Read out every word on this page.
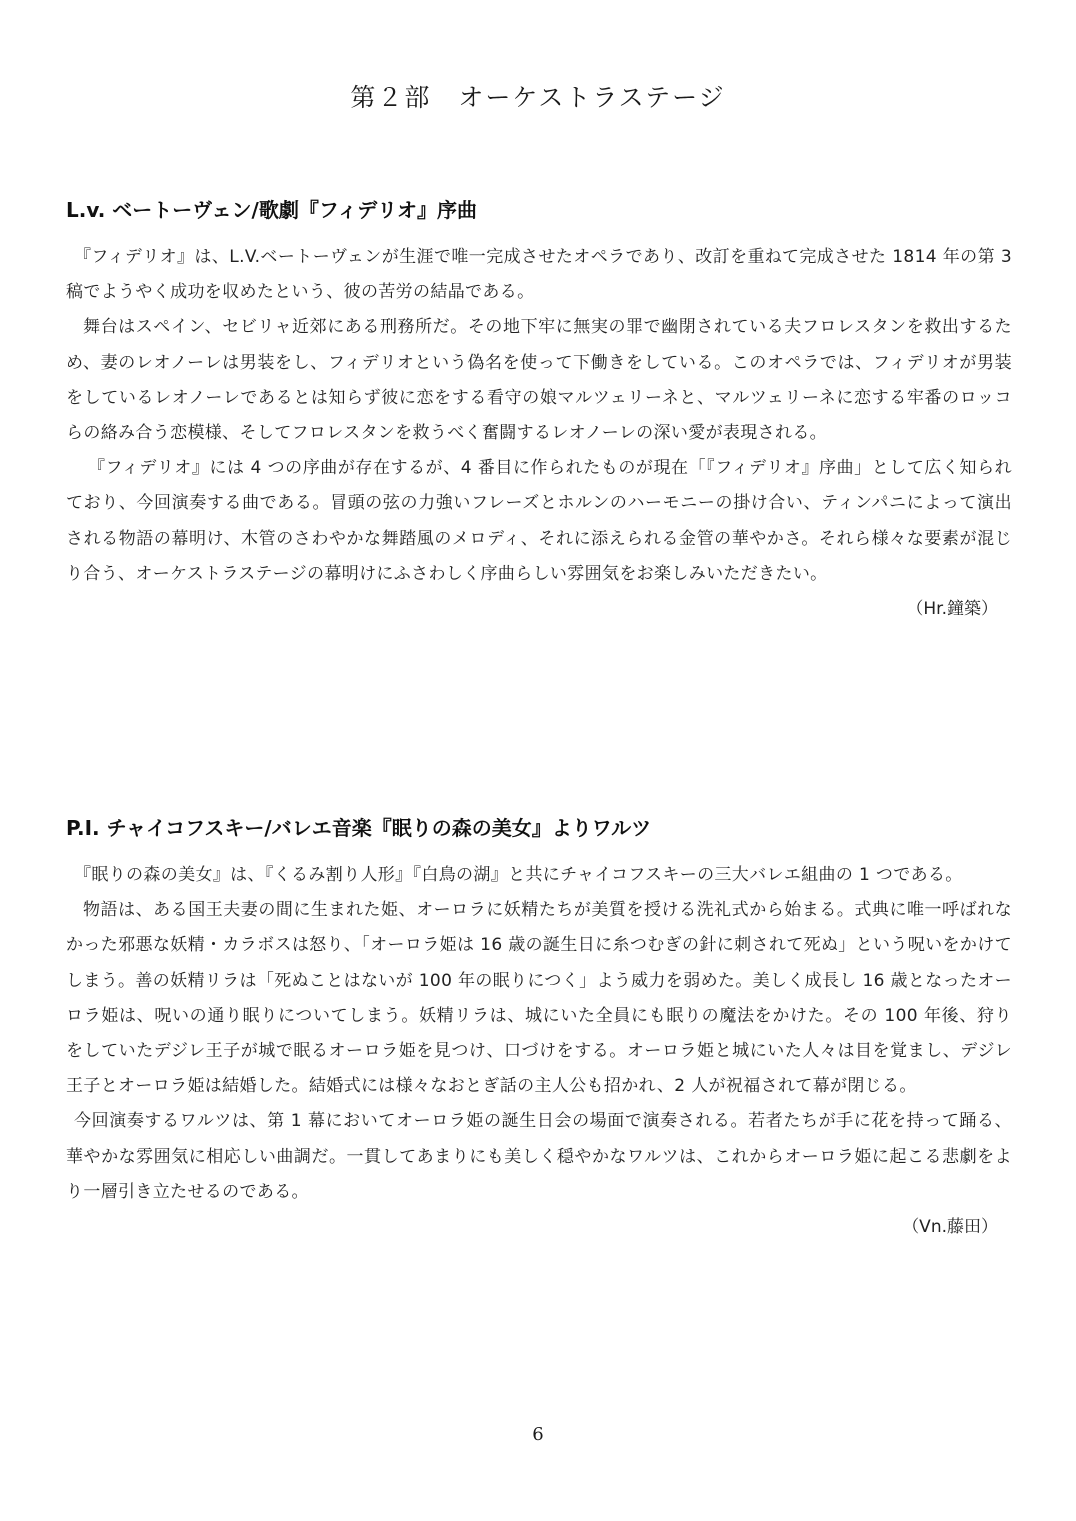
第２部　オーケストラステージ
L.v. ベートーヴェン/歌劇『フィデリオ』序曲

『フィデリオ』は、L.V.ベートーヴェンが生涯で唯一完成させたオペラであり、改訂を重ねて完成させた 1814 年の第 3 稿でようやく成功を収めたという、彼の苦労の結晶である。

舞台はスペイン、セビリャ近郊にある刑務所だ。その地下牢に無実の罪で幽閉されている夫フロレスタンを救出するため、妻のレオノーレは男装をし、フィデリオという偽名を使って下働きをしている。このオペラでは、フィデリオが男装をしているレオノーレであるとは知らず彼に恋をする看守の娘マルツェリーネと、マルツェリーネに恋する牢番のロッコらの絡み合う恋模様、そしてフロレスタンを救うべく奮闘するレオノーレの深い愛が表現される。

『フィデリオ』には 4 つの序曲が存在するが、4 番目に作られたものが現在「『フィデリオ』序曲」として広く知られており、今回演奏する曲である。冒頭の弦の力強いフレーズとホルンのハーモニーの掛け合い、ティンパニによって演出される物語の幕明け、木管のさわやかな舞踏風のメロディ、それに添えられる金管の華やかさ。それら様々な要素が混じり合う、オーケストラステージの幕明けにふさわしく序曲らしい雰囲気をお楽しみいただきたい。

（Hr.鐘築）
P.I. チャイコフスキー/バレエ音楽『眠りの森の美女』よりワルツ

『眠りの森の美女』は、『くるみ割り人形』『白鳥の湖』と共にチャイコフスキーの三大バレエ組曲の 1 つである。

物語は、ある国王夫妻の間に生まれた姫、オーロラに妖精たちが美質を授ける洗礼式から始まる。式典に唯一呼ばれなかった邪悪な妖精・カラボスは怒り、「オーロラ姫は 16 歳の誕生日に糸つむぎの針に刺されて死ぬ」という呪いをかけてしまう。善の妖精リラは「死ぬことはないが 100 年の眠りにつく」よう威力を弱めた。美しく成長し 16 歳となったオーロラ姫は、呪いの通り眠りについてしまう。妖精リラは、城にいた全員にも眠りの魔法をかけた。その 100 年後、狩りをしていたデジレ王子が城で眠るオーロラ姫を見つけ、口づけをする。オーロラ姫と城にいた人々は目を覚まし、デジレ王子とオーロラ姫は結婚した。結婚式には様々なおとぎ話の主人公も招かれ、2 人が祝福されて幕が閉じる。

今回演奏するワルツは、第 1 幕においてオーロラ姫の誕生日会の場面で演奏される。若者たちが手に花を持って踊る、華やかな雰囲気に相応しい曲調だ。一貫してあまりにも美しく穏やかなワルツは、これからオーロラ姫に起こる悲劇をより一層引き立たせるのである。

（Vn.藤田）
6
